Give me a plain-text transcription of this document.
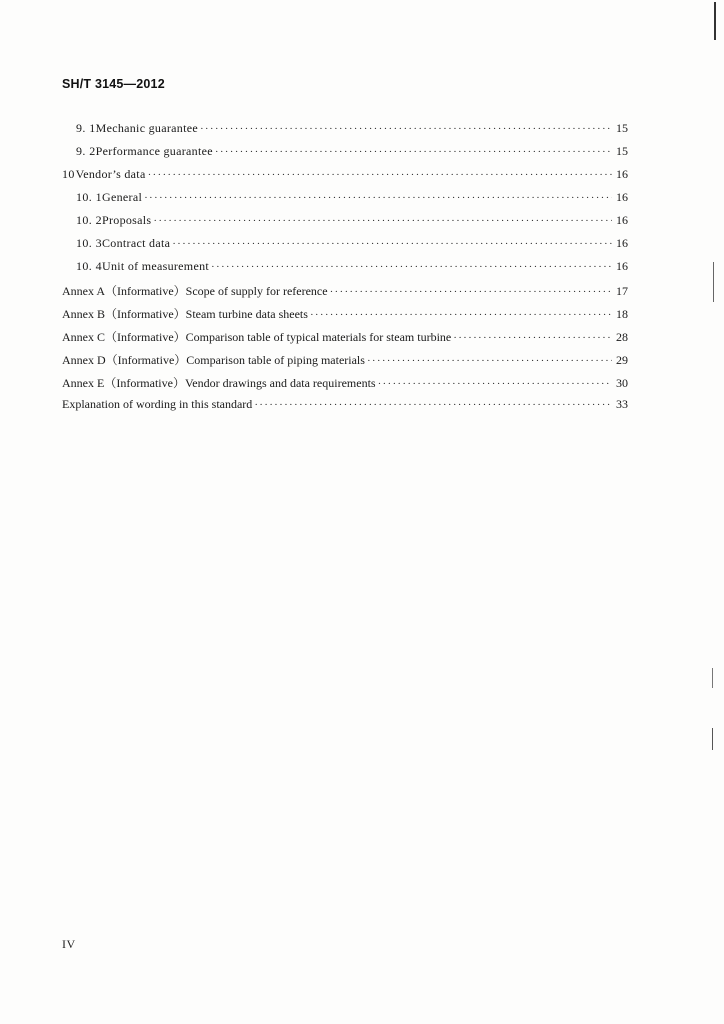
SH/T 3145—2012
9. 1 Mechanic guarantee ·····	15
9. 2 Performance guarantee ·····	15
10 Vendor’s data ·····	16
10. 1 General ·····	16
10. 2 Proposals ·····	16
10. 3 Contract data ·····	16
10. 4 Unit of measurement ·····	16
Annex A（Informative）Scope of supply for reference ·····	17
Annex B（Informative）Steam turbine data sheets ·····	18
Annex C（Informative）Comparison table of typical materials for steam turbine ·····	28
Annex D（Informative）Comparison table of piping materials ·····	29
Annex E（Informative）Vendor drawings and data requirements ·····	30
Explanation of wording in this standard ·····	33
IV
